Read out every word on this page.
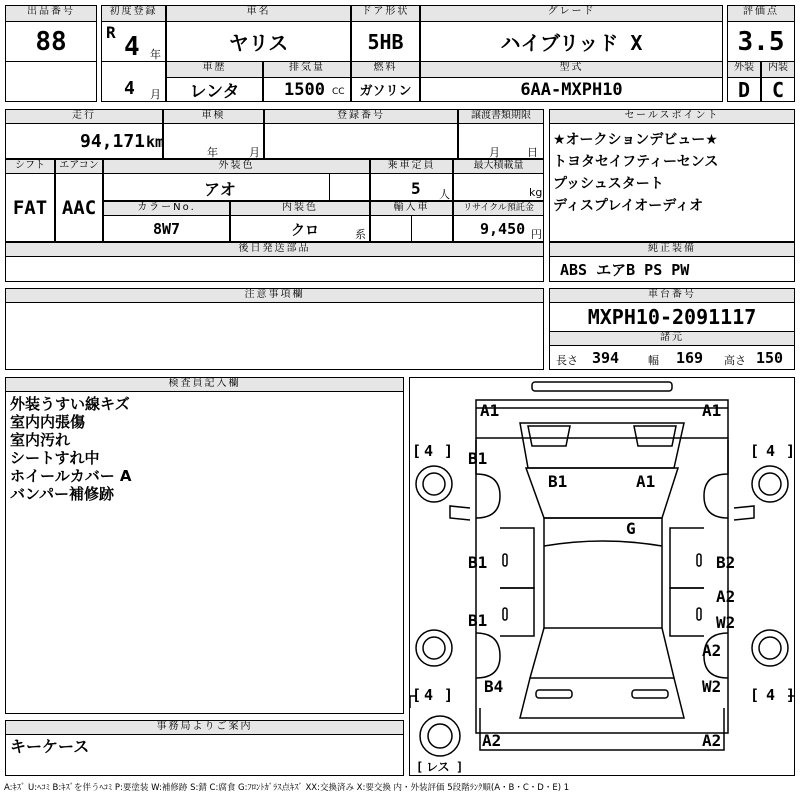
出品番号
88
初度登録
R 4 年
4 月
車名
ヤリス
ドア形状
5HB
グレード
ハイブリッド X
評価点
3.5
外装	内装
D	C
車歴
レンタ
排気量
1500 CC
燃料
ガソリン
型式
6AA-MXPH10
走行
94,171 km
車検
年	月
登録番号	譲渡書類期限
月 日
シフト
FAT
エアコン
AAC
外装色
アオ
乗車定員
5 人
最大積載量
kg
カラーNo.
8W7
内装色
クロ	系
輸入車	リサイクル預託金
9,450 円
後日発送部品
セールスポイント
★オークションデビュー★
トヨタセイフティーセンス
プッシュスタート
ディスプレイオーディオ
純正装備
ABS エアB PS PW
注意事項欄	車台番号
MXPH10-2091117
諸元
長さ 394	幅 169 高さ 150
検査員記入欄
外装うすい線キズ
室内内張傷
室内汚れ
シートすれ中
ホイールカバー A
バンパー補修跡
事務局よりご案内
キーケース
A1	A1
B1
B1	A1
G
B1	B2
B1
A2
W2
A2
W2
B4
A2	A2
[ 4 ]	[ 4 ]
[ 4 ]	[ 4 ]
[ レス ]
A:ｷｽﾞ U:ﾍｺﾐ B:ｷｽﾞを伴うﾍｺﾐ P:要塗装 W:補修跡 S:錆 C:腐食 G:ﾌﾛﾝﾄｶﾞﾗｽ点ｷｽﾞ XX:交換済み X:要交換 内・外装評価 5段階ﾗﾝｸ順(A・B・C・D・E) 1
